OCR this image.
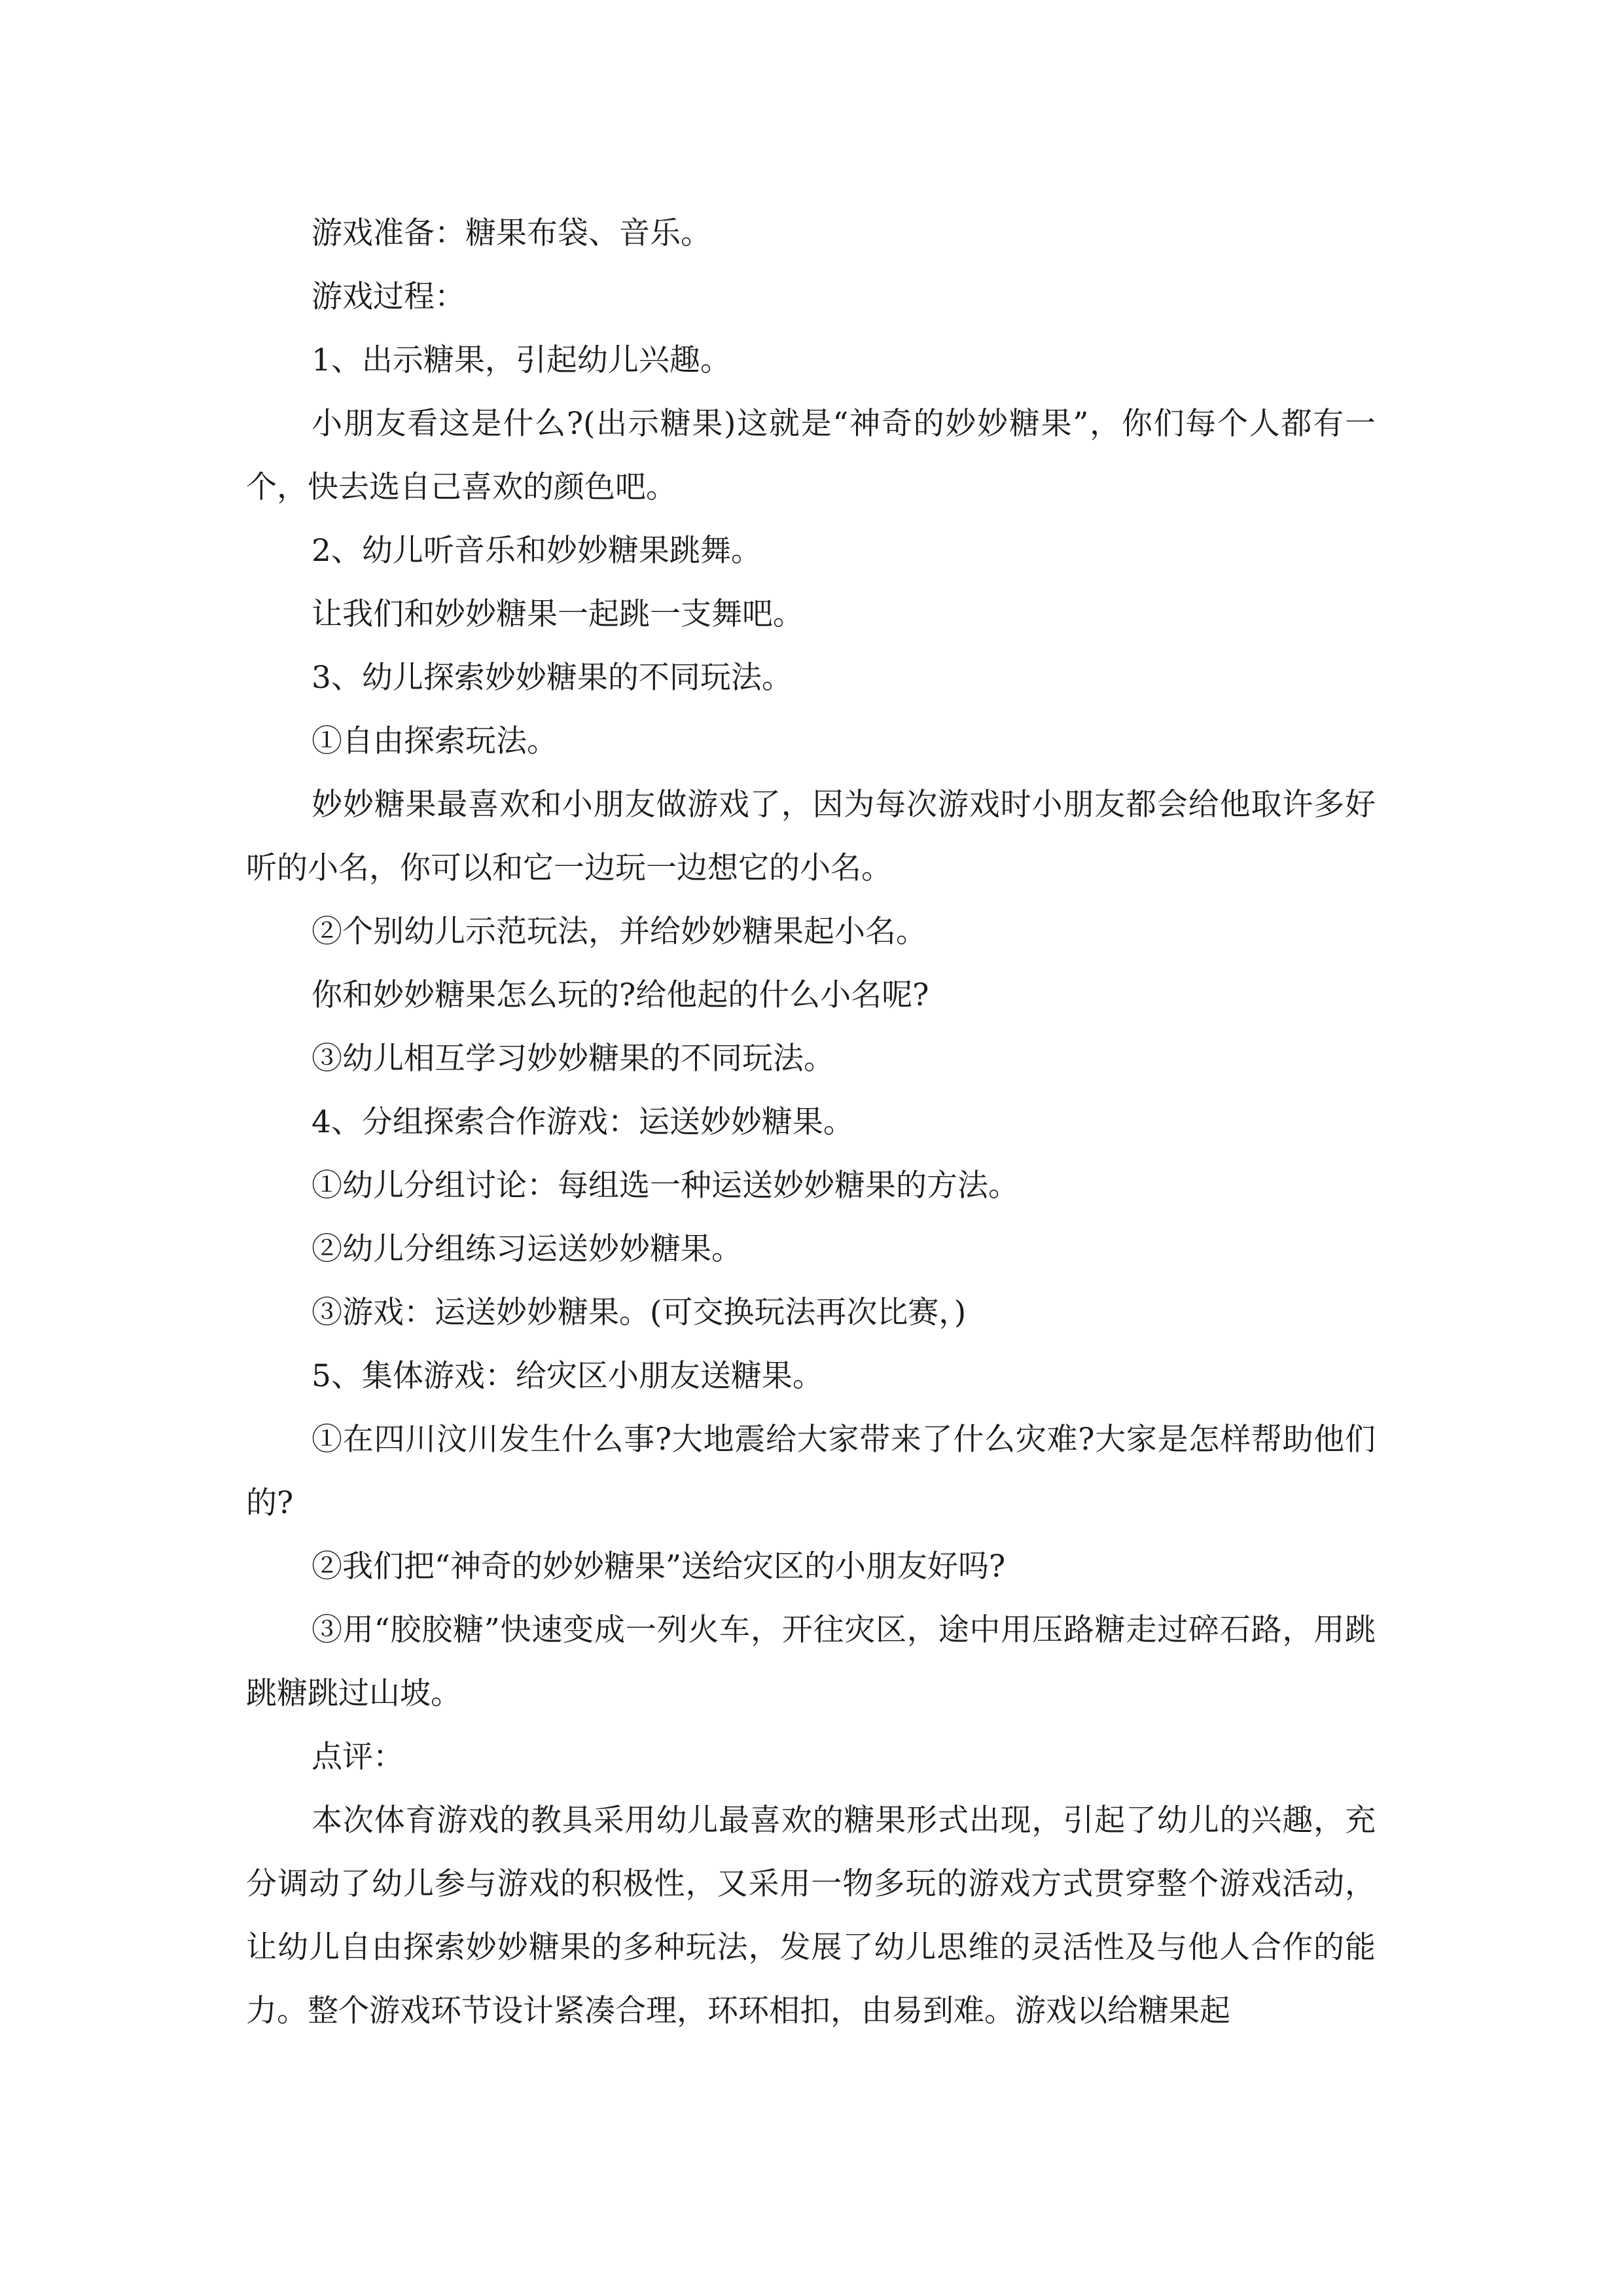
游戏准备：糖果布袋、音乐。

游戏过程：

1、出示糖果，引起幼儿兴趣。

小朋友看这是什么?(出示糖果)这就是“神奇的妙妙糖果”，你们每个人都有一个，快去选自己喜欢的颜色吧。

2、幼儿听音乐和妙妙糖果跳舞。

让我们和妙妙糖果一起跳一支舞吧。

3、幼儿探索妙妙糖果的不同玩法。

①自由探索玩法。

妙妙糖果最喜欢和小朋友做游戏了，因为每次游戏时小朋友都会给他取许多好听的小名，你可以和它一边玩一边想它的小名。

②个别幼儿示范玩法，并给妙妙糖果起小名。

你和妙妙糖果怎么玩的?给他起的什么小名呢?

③幼儿相互学习妙妙糖果的不同玩法。

4、分组探索合作游戏：运送妙妙糖果。

①幼儿分组讨论：每组选一种运送妙妙糖果的方法。

②幼儿分组练习运送妙妙糖果。

③游戏：运送妙妙糖果。(可交换玩法再次比赛，)

5、集体游戏：给灾区小朋友送糖果。

①在四川汶川发生什么事?大地震给大家带来了什么灾难?大家是怎样帮助他们的?

②我们把“神奇的妙妙糖果”送给灾区的小朋友好吗?

③用“胶胶糖”快速变成一列火车，开往灾区，途中用压路糖走过碎石路，用跳跳糖跳过山坡。

点评：

本次体育游戏的教具采用幼儿最喜欢的糖果形式出现，引起了幼儿的兴趣，充分调动了幼儿参与游戏的积极性，又采用一物多玩的游戏方式贯穿整个游戏活动，让幼儿自由探索妙妙糖果的多种玩法，发展了幼儿思维的灵活性及与他人合作的能力。整个游戏环节设计紧凑合理，环环相扣，由易到难。游戏以给糖果起
